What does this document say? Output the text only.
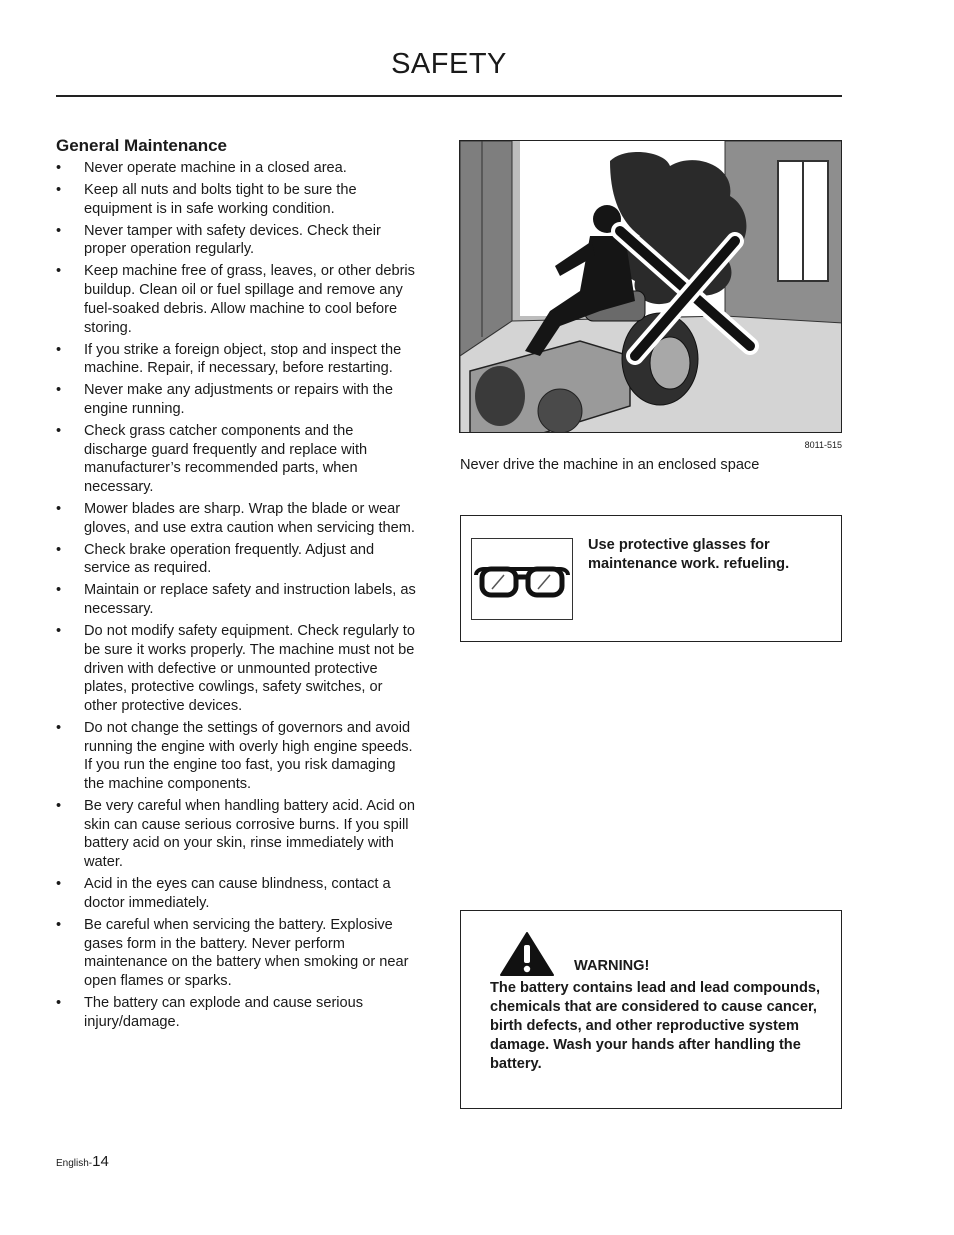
SAFETY
General Maintenance
• Never operate machine in a closed area.
• Keep all nuts and bolts tight to be sure the equipment is in safe working condition.
• Never tamper with safety devices. Check their proper operation regularly.
• Keep machine free of grass, leaves, or other debris buildup. Clean oil or fuel spillage and remove any fuel-soaked debris. Allow machine to cool before storing.
• If you strike a foreign object, stop and inspect the machine. Repair, if necessary, before restarting.
• Never make any adjustments or repairs with the engine running.
• Check grass catcher components and the discharge guard frequently and replace with manufacturer’s recommended parts, when necessary.
• Mower blades are sharp. Wrap the blade or wear gloves, and use extra caution when servicing them.
• Check brake operation frequently. Adjust and service as required.
• Maintain or replace safety and instruction labels, as necessary.
• Do not modify safety equipment. Check regularly to be sure it works properly. The machine must not be driven with defective or unmounted protective plates, protective cowlings, safety switches, or other protective devices.
• Do not change the settings of governors and avoid running the engine with overly high engine speeds. If you run the engine too fast, you risk damaging the machine components.
• Be very careful when handling battery acid. Acid on skin can cause serious corrosive burns. If you spill battery acid on your skin, rinse immediately with water.
• Acid in the eyes can cause blindness, contact a doctor immediately.
• Be careful when servicing the battery. Explosive gases form in the battery. Never perform maintenance on the battery when smoking or near open flames or sparks.
• The battery can explode and cause serious injury/damage.
8011-515
Never drive the machine in an enclosed space
Use protective glasses for maintenance work. refueling.
WARNING!
The battery contains lead and lead compounds, chemicals that are considered to cause cancer, birth defects, and other reproductive system damage. Wash your hands after handling the battery.
English-14
